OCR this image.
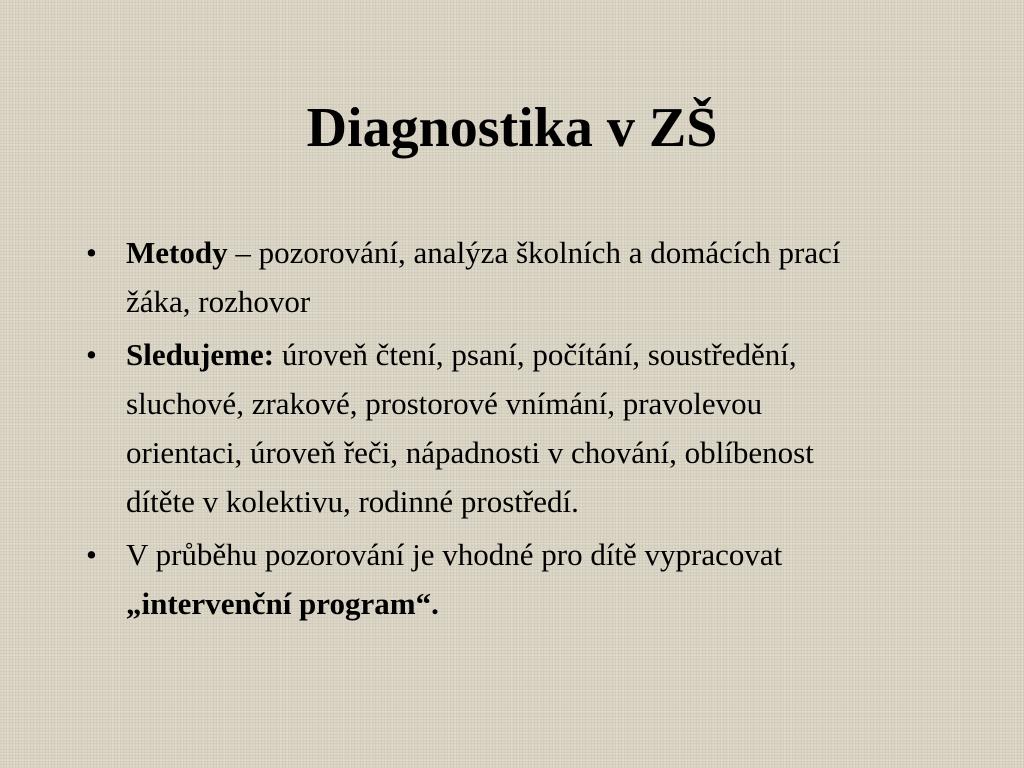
Diagnostika v ZŠ
• Metody – pozorování, analýza školních a domácích prací žáka, rozhovor
• Sledujeme: úroveň čtení, psaní, počítání, soustředění, sluchové, zrakové, prostorové vnímání, pravolevou orientaci, úroveň řeči, nápadnosti v chování, oblíbenost dítěte v kolektivu, rodinné prostředí.
• V průběhu pozorování je vhodné pro dítě vypracovat „intervenční program“.
